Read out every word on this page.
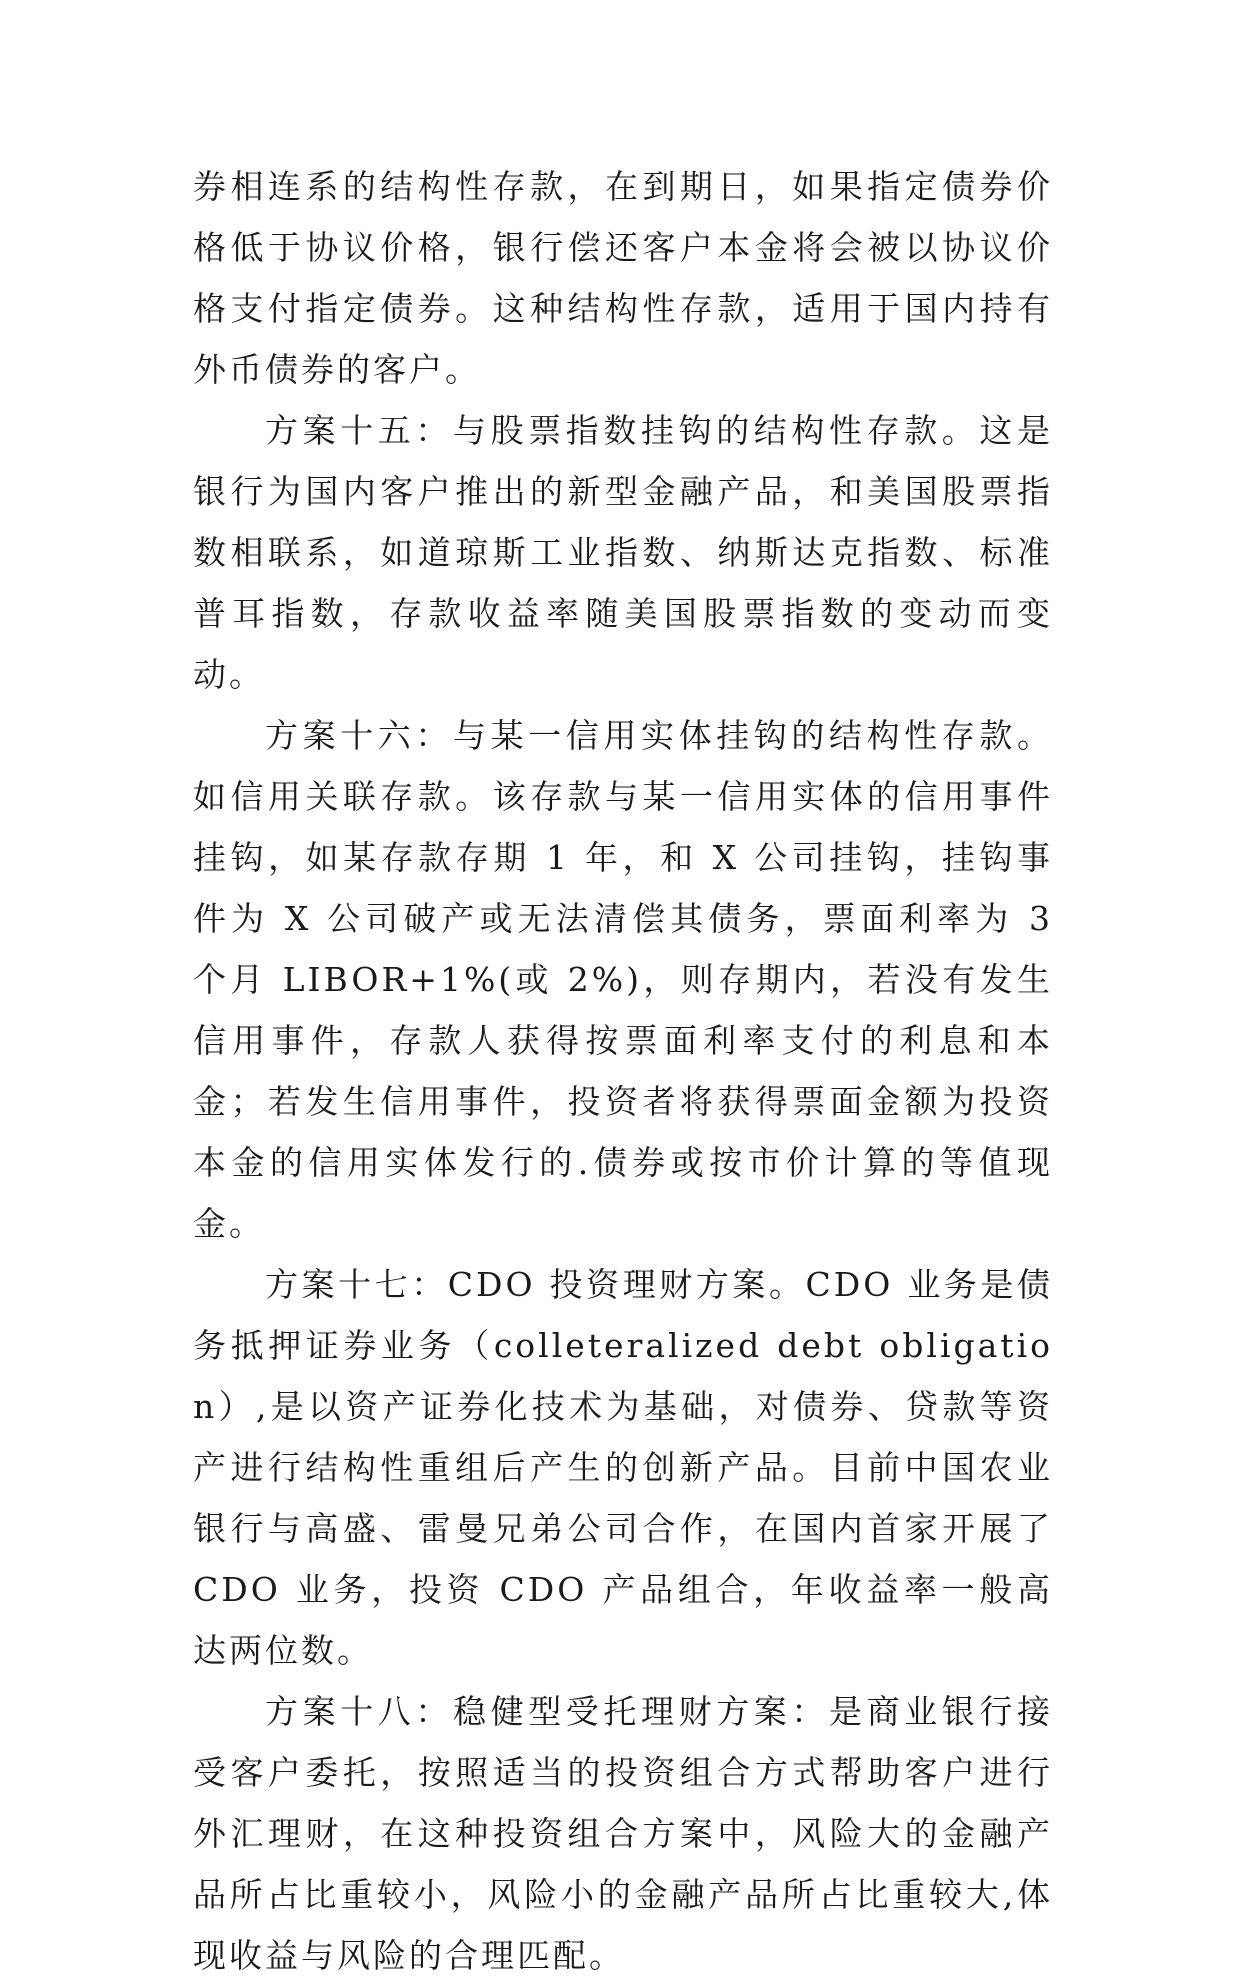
券相连系的结构性存款，在到期日，如果指定债券价格低于协议价格，银行偿还客户本金将会被以协议价格支付指定债券。这种结构性存款，适用于国内持有外币债券的客户。

方案十五：与股票指数挂钩的结构性存款。这是银行为国内客户推出的新型金融产品，和美国股票指数相联系，如道琼斯工业指数、纳斯达克指数、标准普耳指数，存款收益率随美国股票指数的变动而变动。

方案十六：与某一信用实体挂钩的结构性存款。如信用关联存款。该存款与某一信用实体的信用事件挂钩，如某存款存期 1 年，和 X 公司挂钩，挂钩事件为 X 公司破产或无法清偿其债务，票面利率为 3 个月 LIBOR+1%(或 2%)，则存期内，若没有发生信用事件，存款人获得按票面利率支付的利息和本金；若发生信用事件，投资者将获得票面金额为投资本金的信用实体发行的.债券或按市价计算的等值现金。

方案十七：CDO 投资理财方案。CDO 业务是债务抵押证券业务（colleteralized debt obligation）,是以资产证券化技术为基础，对债券、贷款等资产进行结构性重组后产生的创新产品。目前中国农业银行与高盛、雷曼兄弟公司合作，在国内首家开展了 CDO 业务，投资 CDO 产品组合，年收益率一般高达两位数。

方案十八：稳健型受托理财方案：是商业银行接受客户委托，按照适当的投资组合方式帮助客户进行外汇理财，在这种投资组合方案中，风险大的金融产品所占比重较小，风险小的金融产品所占比重较大,体现收益与风险的合理匹配。
